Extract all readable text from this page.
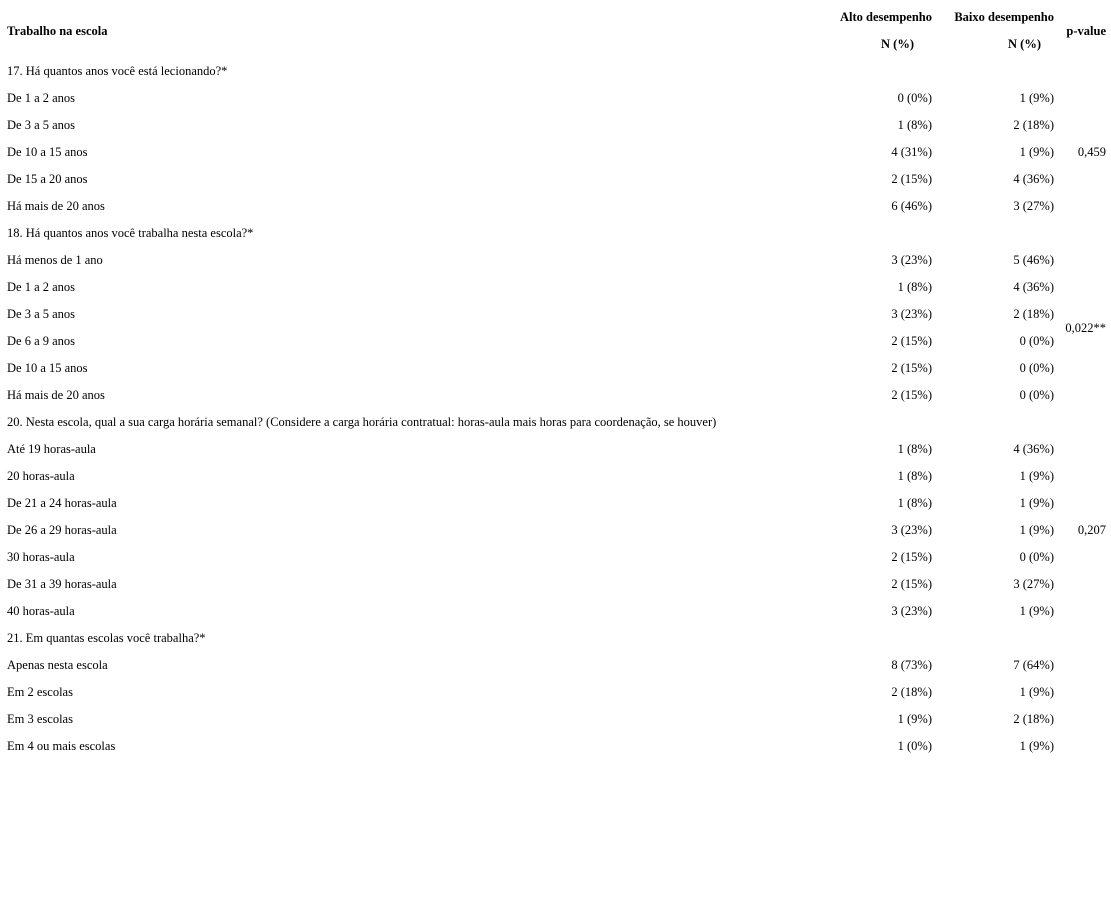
Trabalho na escola	Alto desempenho	Baixo desempenho	p-value
	N (%)	N (%)	
17. Há quantos anos você está lecionando?*			
De 1 a 2 anos	0 (0%)	1 (9%)	0,459
De 3 a 5 anos	1 (8%)	2 (18%)	
De 10 a 15 anos	4 (31%)	1 (9%)	
De 15 a 20 anos	2 (15%)	4 (36%)	
Há mais de 20 anos	6 (46%)	3 (27%)	
18. Há quantos anos você trabalha nesta escola?*			
Há menos de 1 ano	3 (23%)	5 (46%)	0,022**
De 1 a 2 anos	1 (8%)	4 (36%)	
De 3 a 5 anos	3 (23%)	2 (18%)	
De 6 a 9 anos	2 (15%)	0 (0%)	
De 10 a 15 anos	2 (15%)	0 (0%)	
Há mais de 20 anos	2 (15%)	0 (0%)	
20. Nesta escola, qual a sua carga horária semanal? (Considere a carga horária contratual: horas-aula mais horas para coordenação, se houver)			
Até 19 horas-aula	1 (8%)	4 (36%)	0,207
20 horas-aula	1 (8%)	1 (9%)	
De 21 a 24 horas-aula	1 (8%)	1 (9%)	
De 26 a 29 horas-aula	3 (23%)	1 (9%)	
30 horas-aula	2 (15%)	0 (0%)	
De 31 a 39 horas-aula	2 (15%)	3 (27%)	
40 horas-aula	3 (23%)	1 (9%)	
21. Em quantas escolas você trabalha?*			
Apenas nesta escola	8 (73%)	7 (64%)	
Em 2 escolas	2 (18%)	1 (9%)	
Em 3 escolas	1 (9%)	2 (18%)	
Em 4 ou mais escolas	1 (0%)	1 (9%)	
